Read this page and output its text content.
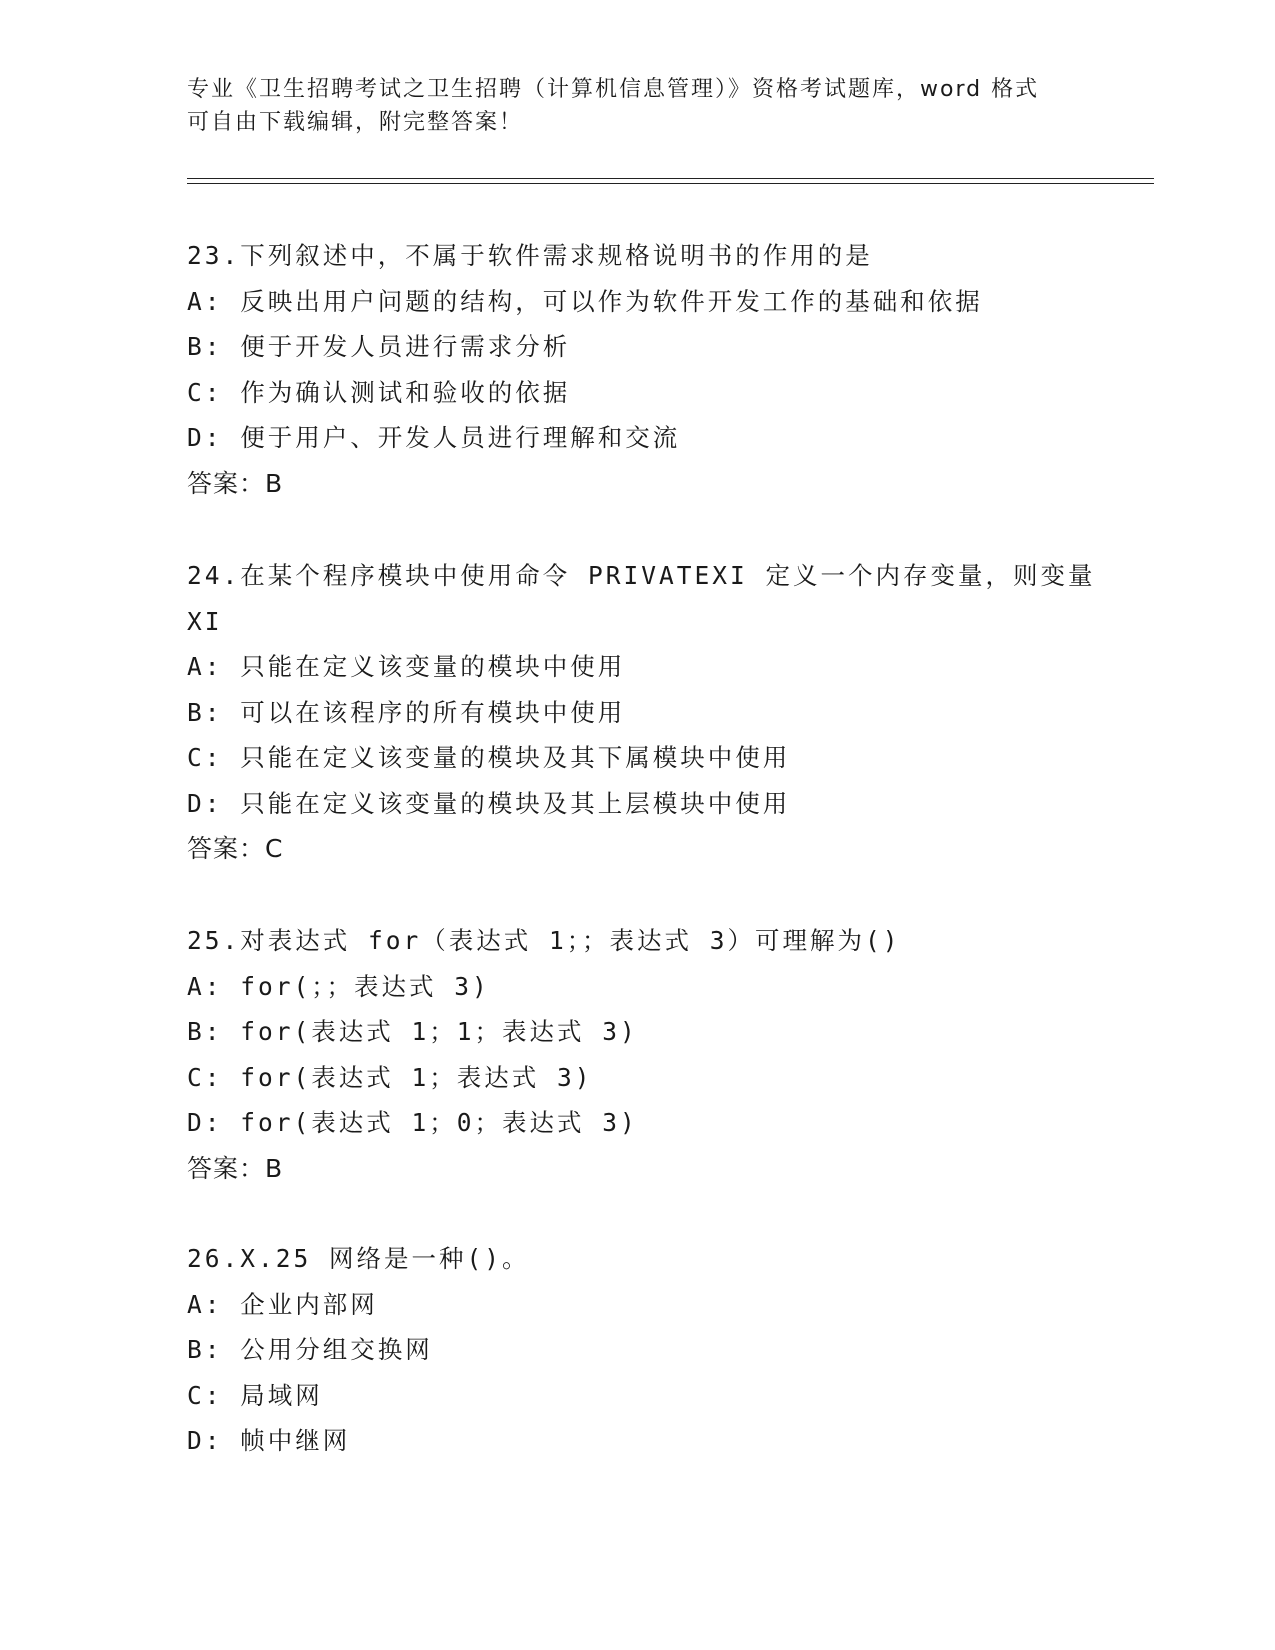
专业《卫生招聘考试之卫生招聘（计算机信息管理）》资格考试题库，word 格式
可自由下载编辑，附完整答案！
23.下列叙述中，不属于软件需求规格说明书的作用的是
A: 反映出用户问题的结构，可以作为软件开发工作的基础和依据
B: 便于开发人员进行需求分析
C: 作为确认测试和验收的依据
D: 便于用户、开发人员进行理解和交流
答案：B
24.在某个程序模块中使用命令 PRIVATEXI 定义一个内存变量，则变量
XI
A: 只能在定义该变量的模块中使用
B: 可以在该程序的所有模块中使用
C: 只能在定义该变量的模块及其下属模块中使用
D: 只能在定义该变量的模块及其上层模块中使用
答案：C
25.对表达式 for（表达式 1；；表达式 3）可理解为()
A: for(；；表达式 3)
B: for(表达式 1；1；表达式 3)
C: for(表达式 1；表达式 3)
D: for(表达式 1；0；表达式 3)
答案：B
26.X.25 网络是一种()。
A: 企业内部网
B: 公用分组交换网
C: 局域网
D: 帧中继网
